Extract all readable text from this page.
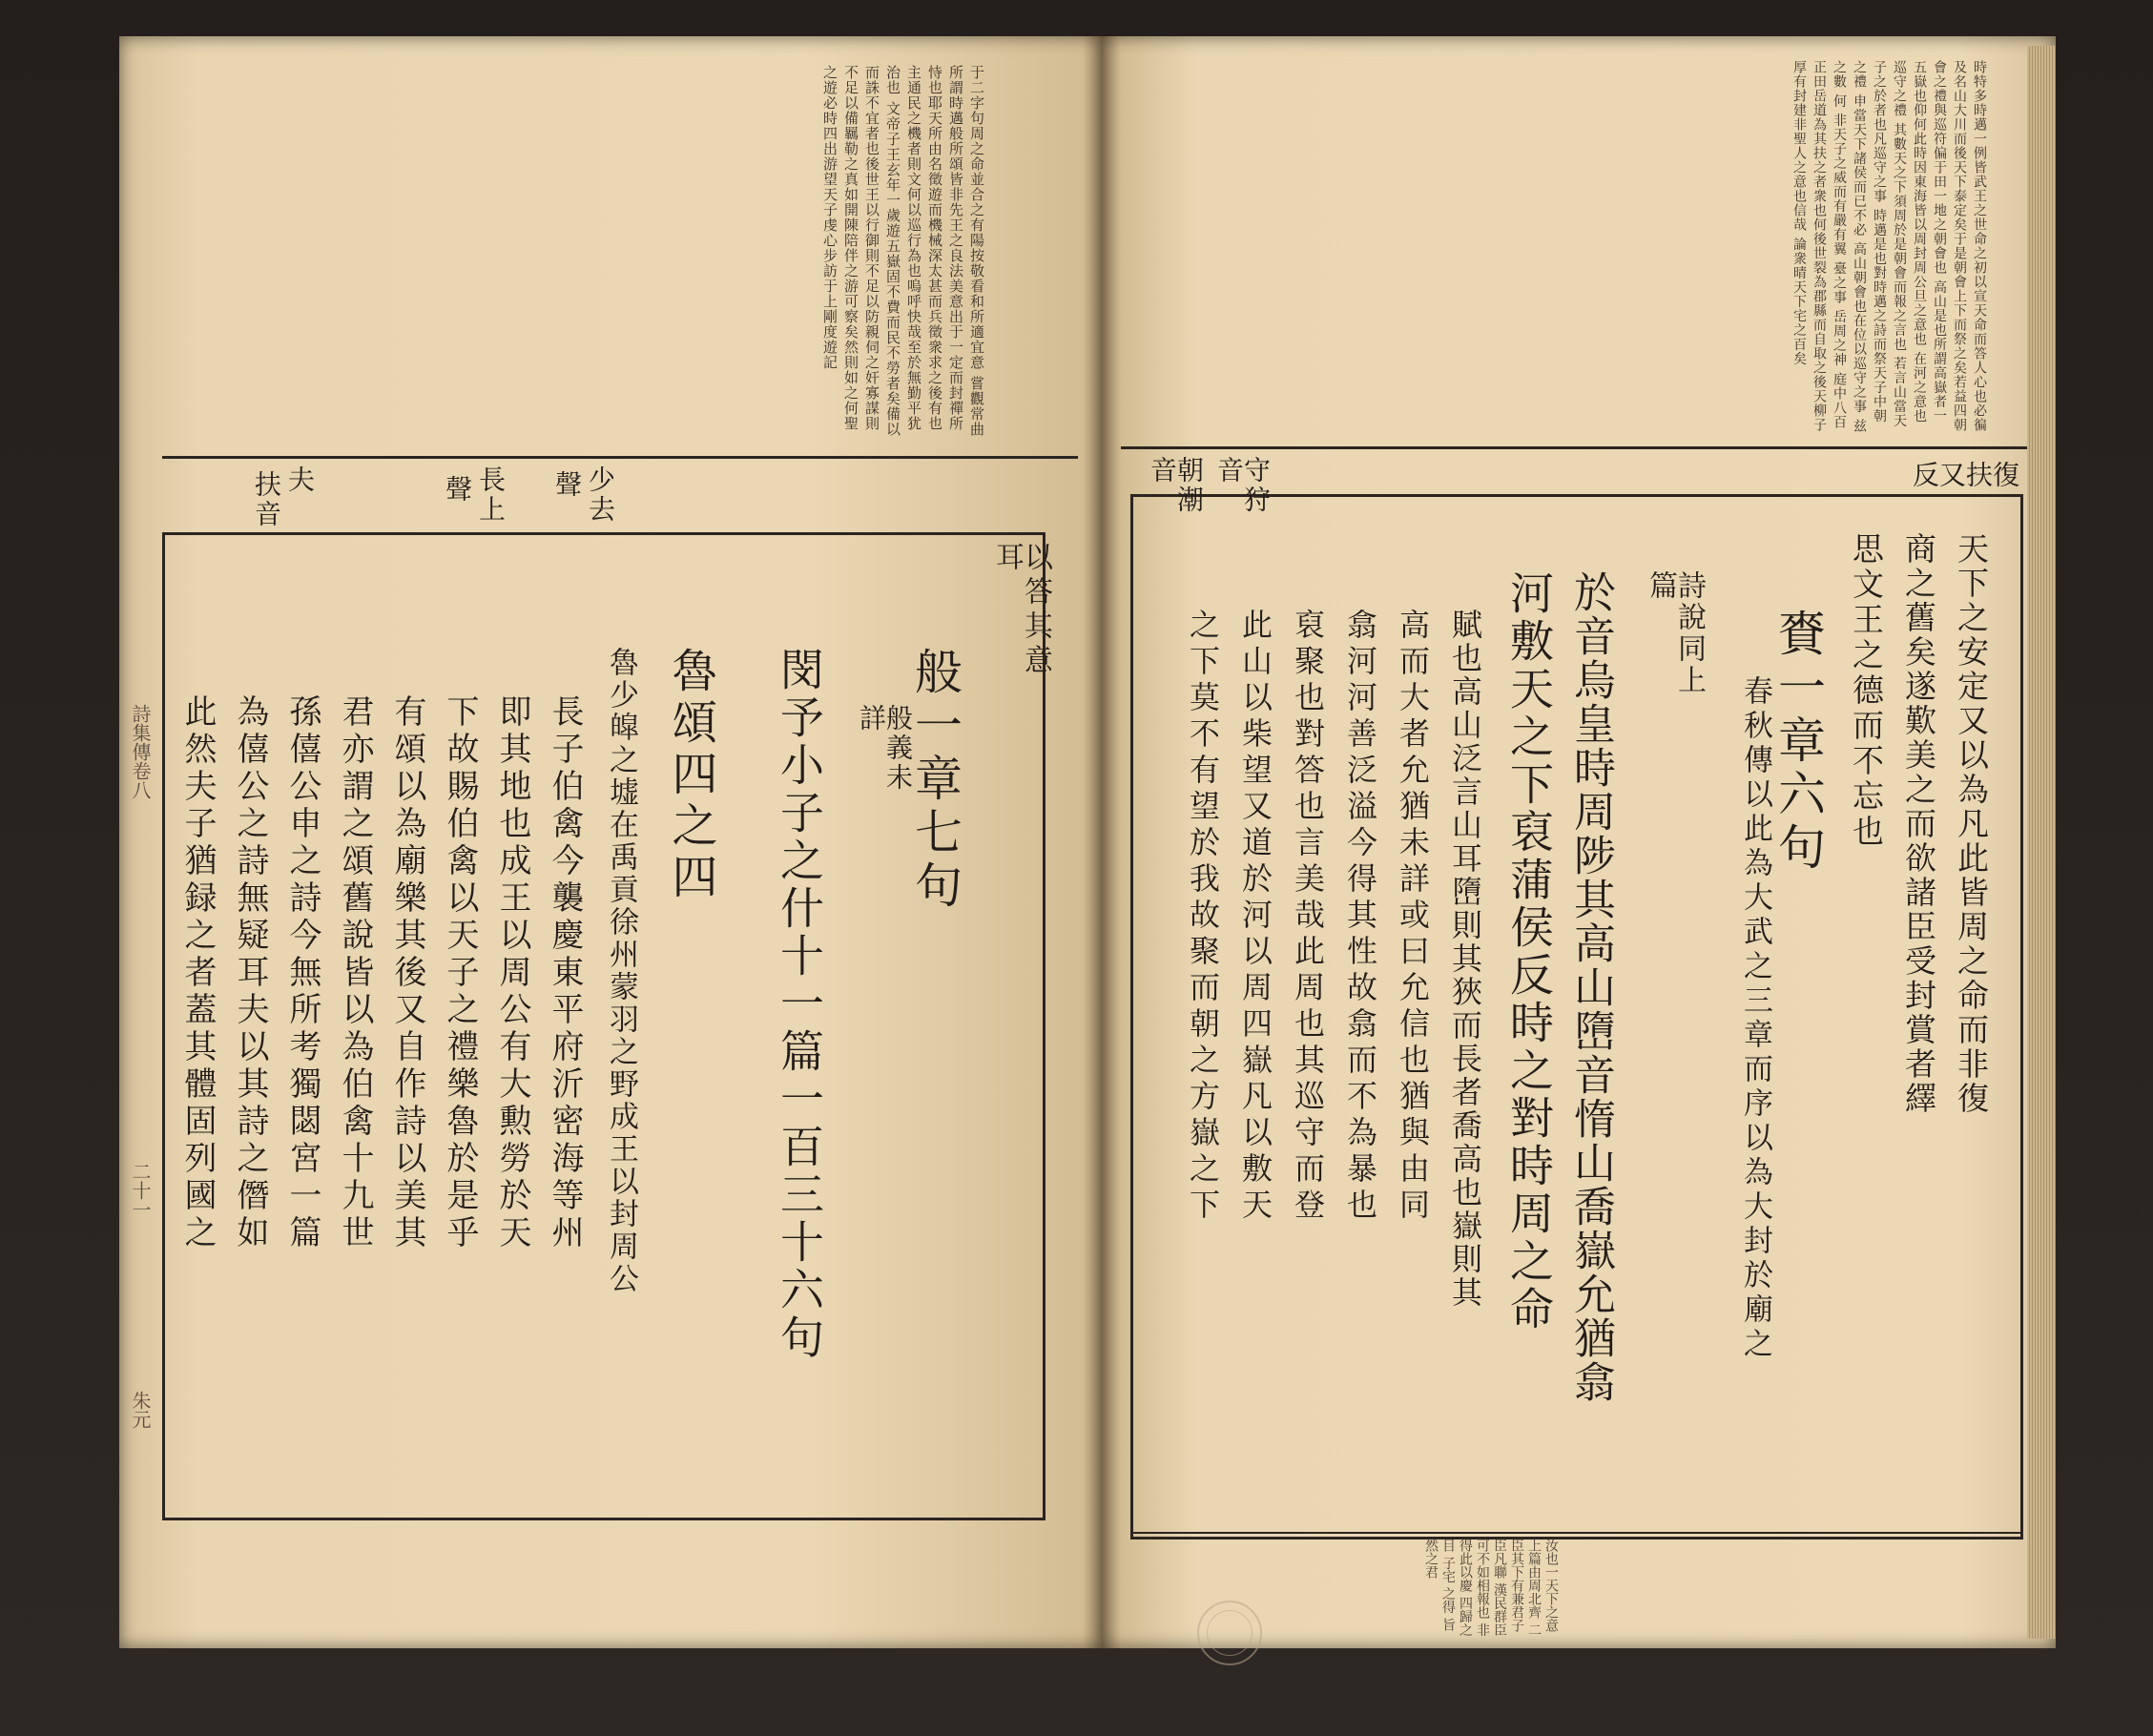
于二字句周之命並合之有陽按敬看和所適宜意 嘗觀常曲所謂時邁般所頌皆非先王之良法美意出于一定而封禪所恃也耶天所由名徵遊而機械深太甚而兵徵衆求之後有也主通民之機者則文何以巡行為也嗚呼快哉至於無勤平犹治也 文帝子王玄年一歲遊五嶽固不費而民不勞者矣備以而誅不宜者也後世王以行御則不足以防親伺之奸寡謀則不足以備羈勒之真如開陳陪伴之游可察矣然則如之何聖之遊必時四出游望天子虔心步訪于上剛度遊記
扶音 夫	少去
聲
長上
聲
以答其意耳
般一章七句
般義未詳
閔予小子之什十一篇一百三十六句
魯頌四之四
魯少皡之墟在禹貢徐州蒙羽之野成王以封周公
長子伯禽今襲慶東平府沂密海等州
即其地也成王以周公有大勲勞於天
下故賜伯禽以天子之禮樂魯於是乎
有頌以為廟樂其後又自作詩以美其
君亦謂之頌舊說皆以為伯禽十九世
孫僖公申之詩今無所考獨閟宮一篇
為僖公之詩無疑耳夫以其詩之僭如
此然夫子猶録之者蓋其體固列國之
詩集傳卷八
二十一
朱元
時特多時邁一例皆武王之世命之初以宣天命而答人心也必徧及名山大川而後天下泰定矣于是朝會上下而祭之矣若益四朝會之禮與巡符偏于田一地之朝會也 高山是也所謂高嶽者一五嶽也仰何此時因東海皆以周封周公旦之意也 在河之意也 巡守之禮 其數天之下須周於是朝會而報之言也 若言山當天子之於者也凡巡守之事 時邁是也對時邁之詩而祭天子中朝之禮 申當天下諸侯而已不必 高山朝會也在位以巡守之事 兹之數 何 非天子之威而有嚴有翼 臺之事 岳周之神 庭中八百正田岳道為其扶之者衆也何後世裂為郡縣而自取之後天柳子厚有封建非聖人之意也信哉 論衆晴天下宅之百矣
復扶又反
守狩音
朝潮音
天下之安定又以為凡此皆周之命而非復
商之舊矣遂歎美之而欲諸臣受封賞者繹
思文王之德而不忘也
賚一章六句
春秋傳以此為大武之三章而序以為大封於廟之
詩說同上篇
於音烏皇時周陟其高山嶞音惰山喬嶽允猶翕
河敷天之下裒蒲侯反時之對時周之命
賦也高山泛言山耳嶞則其狹而長者喬高也嶽則其
高而大者允猶未詳或曰允信也猶與由同
翕河河善泛溢今得其性故翕而不為暴也
裒聚也對答也言美哉此周也其巡守而登
此山以柴望又道於河以周四嶽凡以敷天
之下莫不有望於我故聚而朝之方嶽之下
汝也一天下之意上篇由周北齊 二臣其下有兼君子臣凡聯 漢民群臣可不如相報也 非得此以慶 四歸之目 子宅 之得 旨 然之君
